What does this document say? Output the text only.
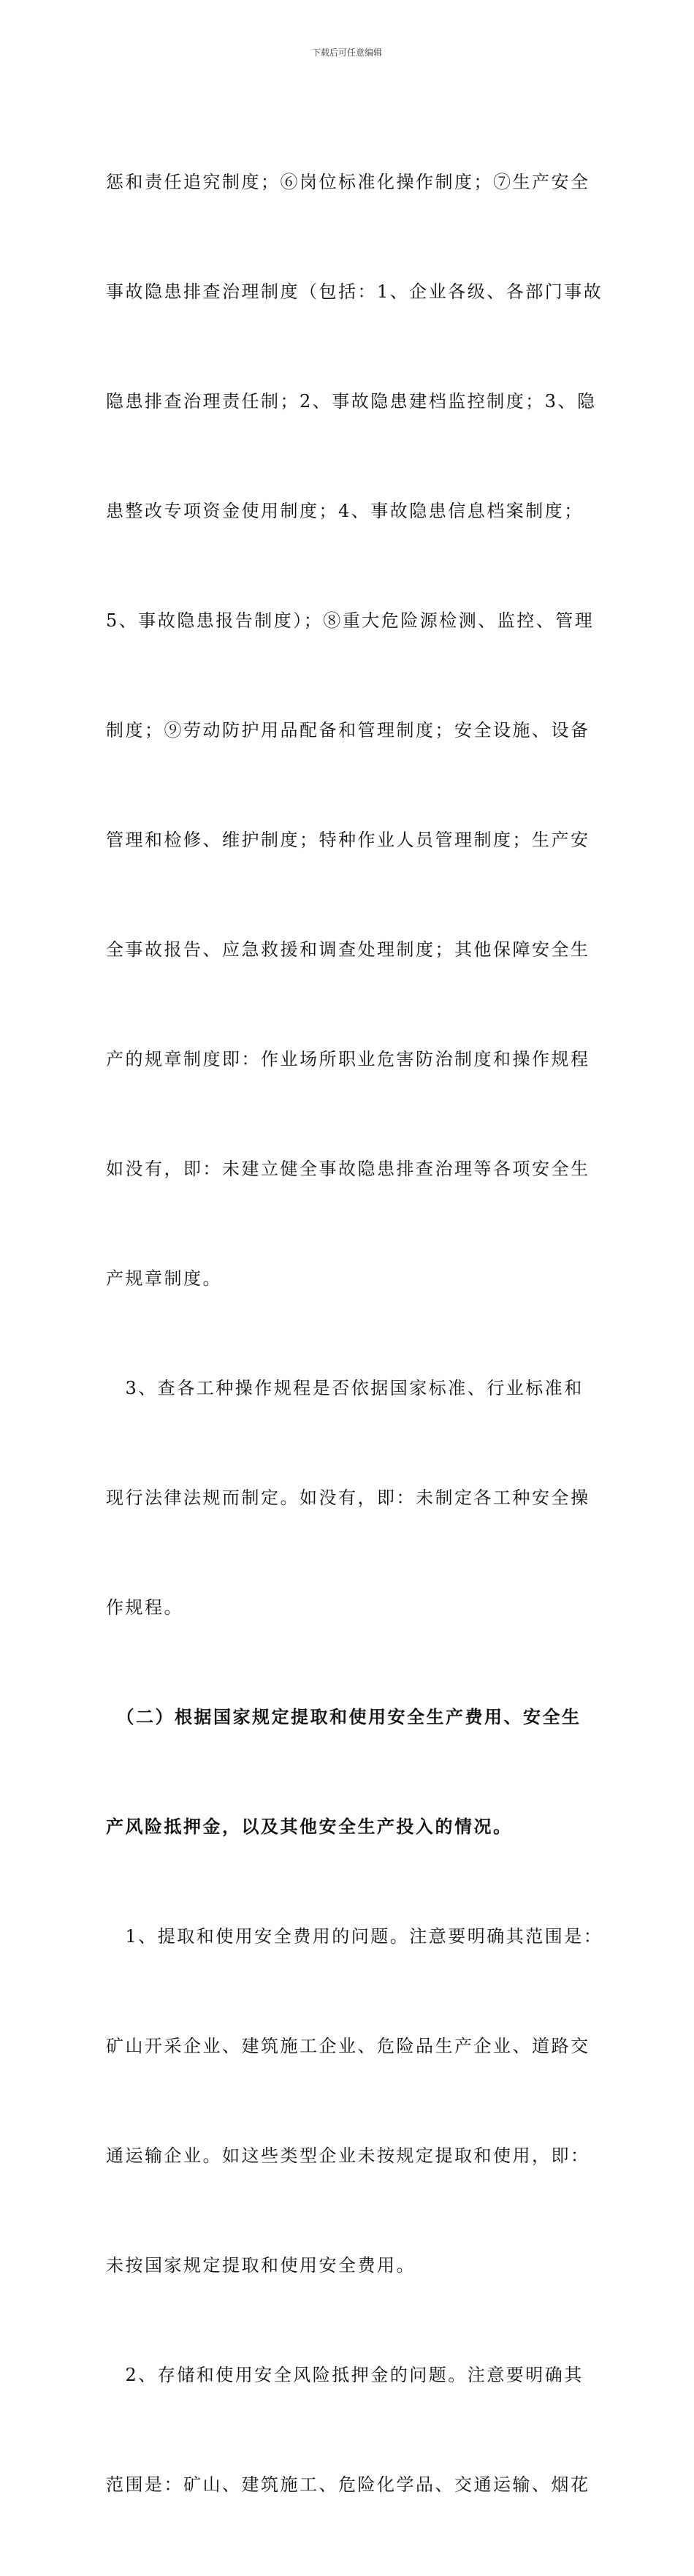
下载后可任意编辑

惩和责任追究制度；⑥岗位标准化操作制度；⑦生产安全

事故隐患排查治理制度（包括：1、企业各级、各部门事故

隐患排查治理责任制；2、事故隐患建档监控制度；3、隐

患整改专项资金使用制度；4、事故隐患信息档案制度；

5、事故隐患报告制度）；⑧重大危险源检测、监控、管理

制度；⑨劳动防护用品配备和管理制度；安全设施、设备

管理和检修、维护制度；特种作业人员管理制度；生产安

全事故报告、应急救援和调查处理制度；其他保障安全生

产的规章制度即：作业场所职业危害防治制度和操作规程

如没有，即：未建立健全事故隐患排查治理等各项安全生

产规章制度。

　3、查各工种操作规程是否依据国家标准、行业标准和

现行法律法规而制定。如没有，即：未制定各工种安全操

作规程。

　（二）根据国家规定提取和使用安全生产费用、安全生

产风险抵押金，以及其他安全生产投入的情况。

　1、提取和使用安全费用的问题。注意要明确其范围是：

矿山开采企业、建筑施工企业、危险品生产企业、道路交

通运输企业。如这些类型企业未按规定提取和使用，即：

未按国家规定提取和使用安全费用。

　2、存储和使用安全风险抵押金的问题。注意要明确其

范围是：矿山、建筑施工、危险化学品、交通运输、烟花
